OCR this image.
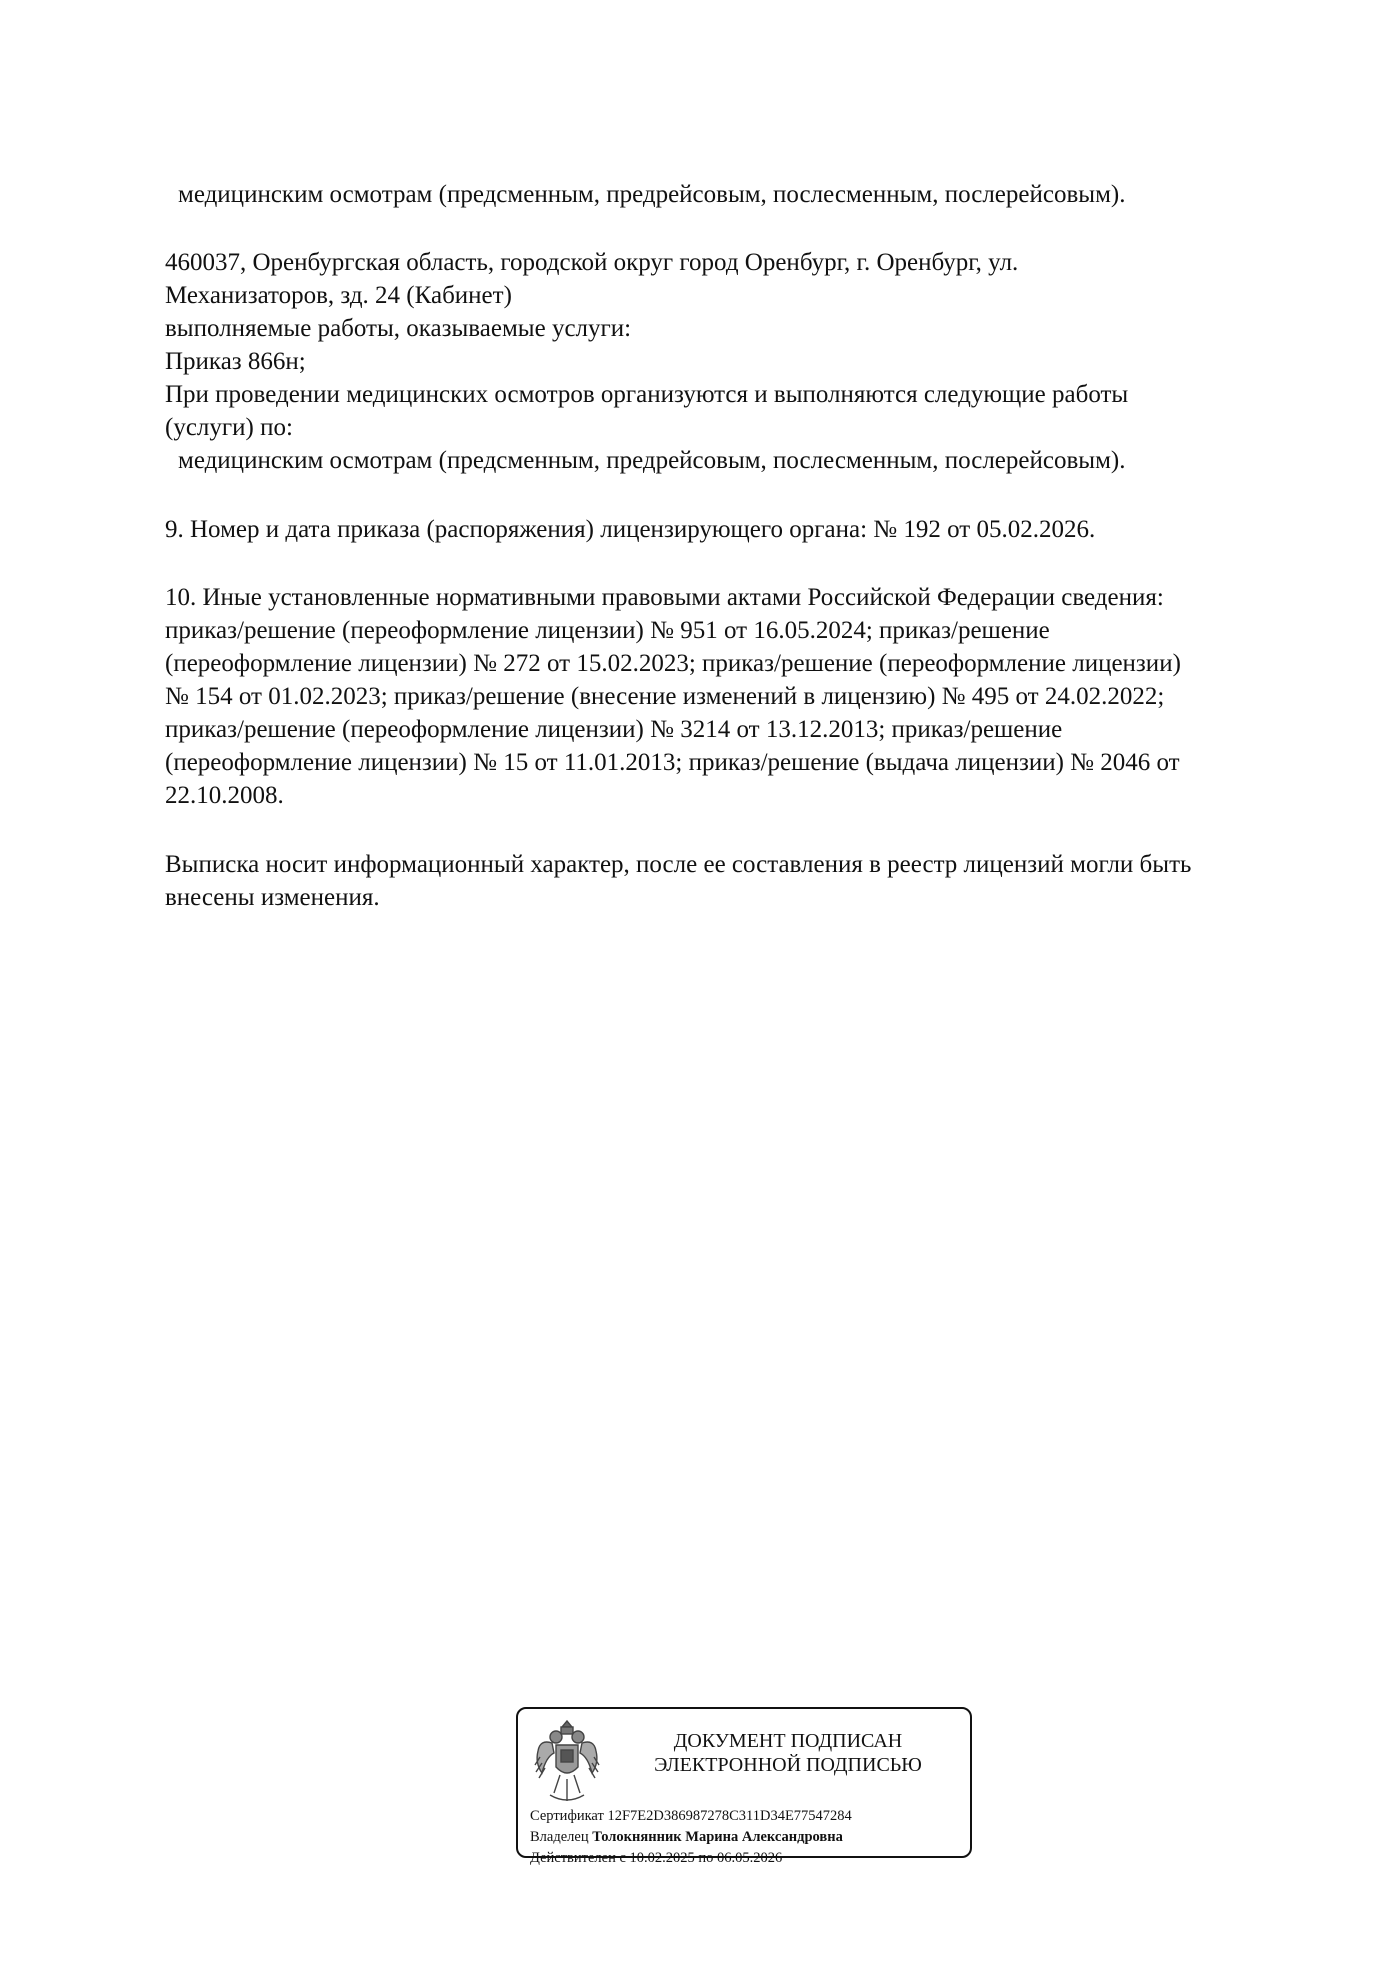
медицинским осмотрам (предсменным, предрейсовым, послесменным, послерейсовым).
460037, Оренбургская область, городской округ город Оренбург, г. Оренбург, ул.
Механизаторов, зд. 24 (Кабинет)
выполняемые работы, оказываемые услуги:
Приказ 866н;
При проведении медицинских осмотров организуются и выполняются следующие работы
(услуги) по:
медицинским осмотрам (предсменным, предрейсовым, послесменным, послерейсовым).
9. Номер и дата приказа (распоряжения) лицензирующего органа: № 192 от 05.02.2026.
10. Иные установленные нормативными правовыми актами Российской Федерации сведения:
приказ/решение (переоформление лицензии) № 951 от 16.05.2024; приказ/решение
(переоформление лицензии) № 272 от 15.02.2023; приказ/решение (переоформление лицензии)
№ 154 от 01.02.2023; приказ/решение (внесение изменений в лицензию) № 495 от 24.02.2022;
приказ/решение (переоформление лицензии) № 3214 от 13.12.2013; приказ/решение
(переоформление лицензии) № 15 от 11.01.2013; приказ/решение (выдача лицензии) № 2046 от
22.10.2008.
Выписка носит информационный характер, после ее составления в реестр лицензий могли быть
внесены изменения.
ДОКУМЕНТ ПОДПИСАН
ЭЛЕКТРОННОЙ ПОДПИСЬЮ
Сертификат 12F7E2D386987278C311D34E77547284
Владелец Толокнянник Марина Александровна
Действителен с 10.02.2025 по 06.05.2026
